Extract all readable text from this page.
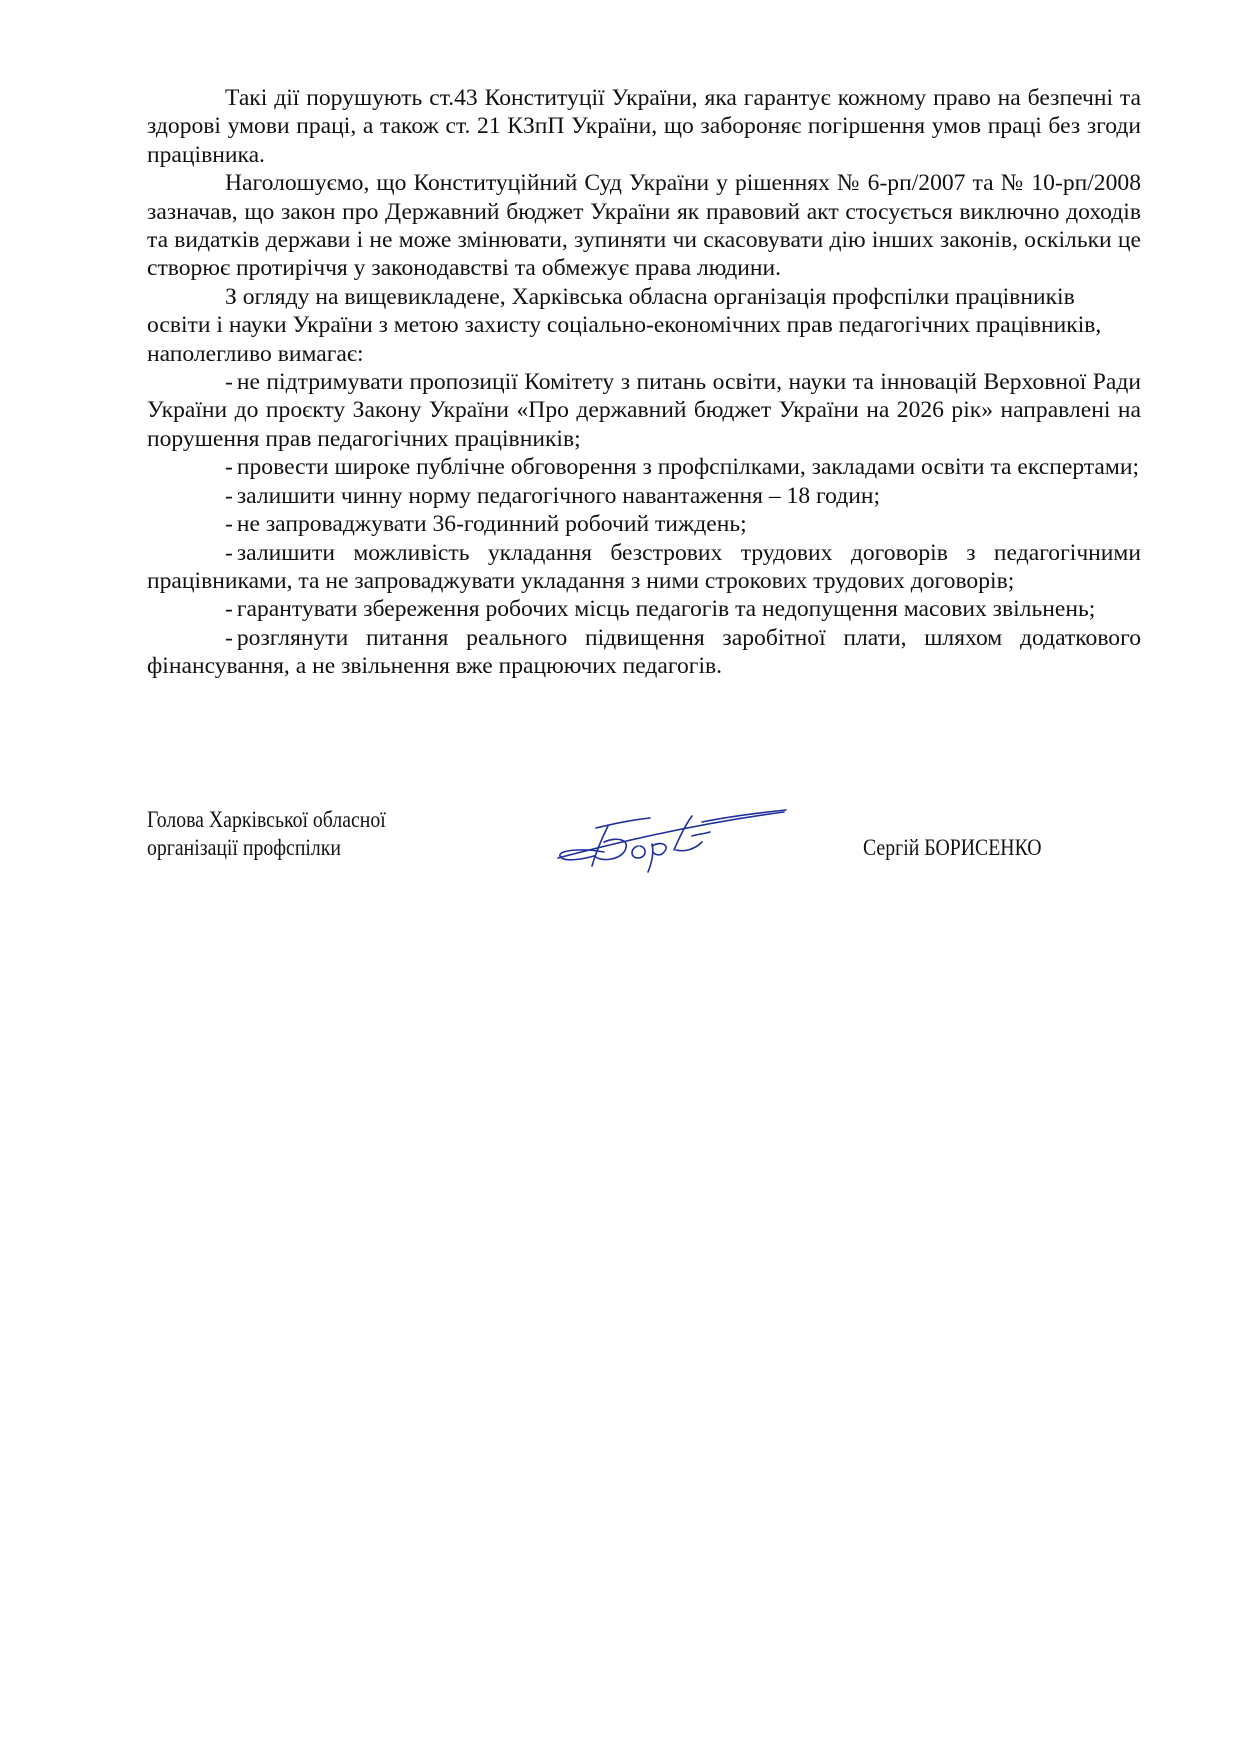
Такі дії порушують ст.43 Конституції України, яка гарантує кожному право на безпечні та здорові умови праці, а також ст. 21 КЗпП України, що забороняє погіршення умов праці без згоди працівника.

Наголошуємо, що Конституційний Суд України у рішеннях № 6-рп/2007 та № 10-рп/2008 зазначав, що закон про Державний бюджет України як правовий акт стосується виключно доходів та видатків держави і не може змінювати, зупиняти чи скасовувати дію інших законів, оскільки це створює протиріччя у законодавстві та обмежує права людини.

З огляду на вищевикладене, Харківська обласна організація профспілки працівників освіти і науки України з метою захисту соціально-економічних прав педагогічних працівників, наполегливо вимагає:

- не підтримувати пропозиції Комітету з питань освіти, науки та інновацій Верховної Ради України до проєкту Закону України «Про державний бюджет України на 2026 рік» направлені на порушення прав педагогічних працівників;

- провести широке публічне обговорення з профспілками, закладами освіти та експертами;

- залишити чинну норму педагогічного навантаження – 18 годин;

- не запроваджувати 36-годинний робочий тиждень;

- залишити можливість укладання безстрових трудових договорів з педагогічними працівниками, та не запроваджувати укладання з ними строкових трудових договорів;

- гарантувати збереження робочих місць педагогів та недопущення масових звільнень;

- розглянути питання реального підвищення заробітної плати, шляхом додаткового фінансування, а не звільнення вже працюючих педагогів.

Голова Харківської обласної
організації профспілки	Сергій БОРИСЕНКО
